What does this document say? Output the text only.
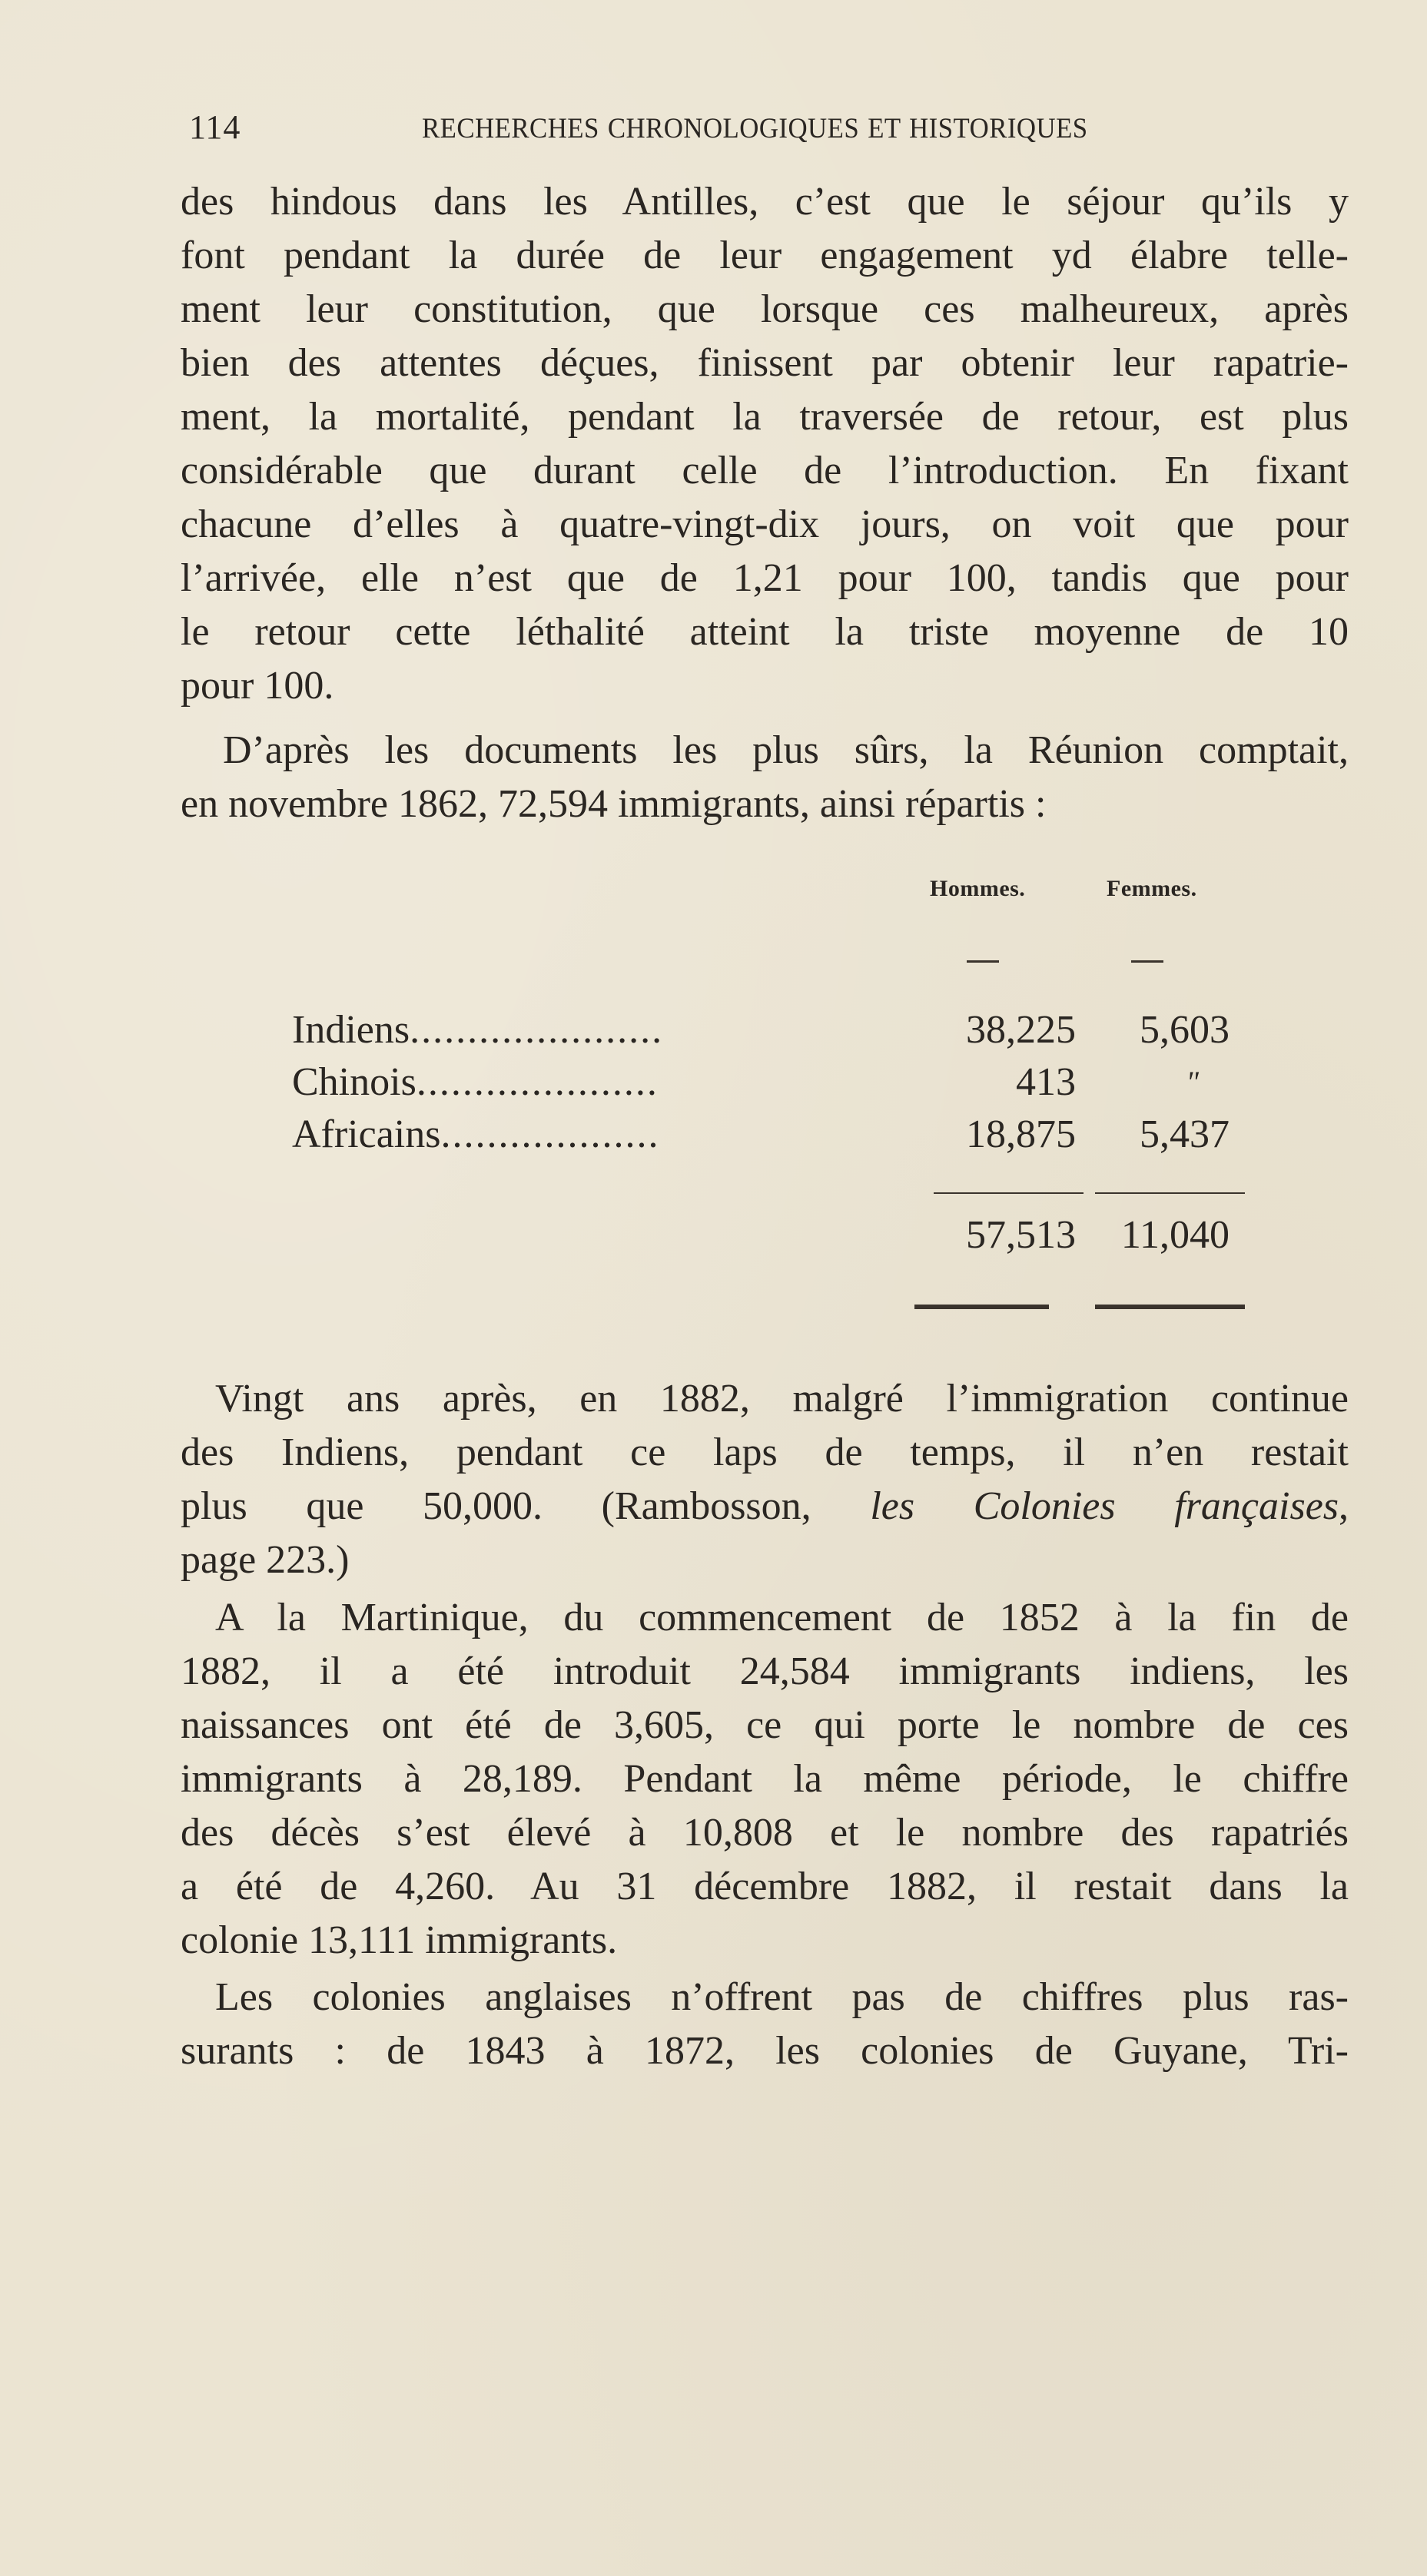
114	RECHERCHES CHRONOLOGIQUES ET HISTORIQUES
des hindous dans les Antilles, c’est que le séjour qu’ils y
font pendant la durée de leur engagement yd élabre telle-
ment leur constitution, que lorsque ces malheureux, après
bien des attentes déçues, finissent par obtenir leur rapatrie-
ment, la mortalité, pendant la traversée de retour, est plus
considérable que durant celle de l’introduction. En fixant
chacune d’elles à quatre-vingt-dix jours, on voit que pour
l’arrivée, elle n’est que de 1,21 pour 100, tandis que pour
le retour cette léthalité atteint la triste moyenne de 10
pour 100.
D’après les documents les plus sûrs, la Réunion comptait,
en novembre 1862, 72,594 immigrants, ainsi répartis :
Hommes.	Femmes.
Indiens......................	38,225	5,603
Chinois.....................	413	"
Africains...................	18,875	5,437
57,513	11,040
Vingt ans après, en 1882, malgré l’immigration continue
des Indiens, pendant ce laps de temps, il n’en restait
plus que 50,000. (Rambosson, les Colonies françaises,
page 223.)
A la Martinique, du commencement de 1852 à la fin de
1882, il a été introduit 24,584 immigrants indiens, les
naissances ont été de 3,605, ce qui porte le nombre de ces
immigrants à 28,189. Pendant la même période, le chiffre
des décès s’est élevé à 10,808 et le nombre des rapatriés
a été de 4,260. Au 31 décembre 1882, il restait dans la
colonie 13,111 immigrants.
Les colonies anglaises n’offrent pas de chiffres plus ras-
surants : de 1843 à 1872, les colonies de Guyane, Tri-
